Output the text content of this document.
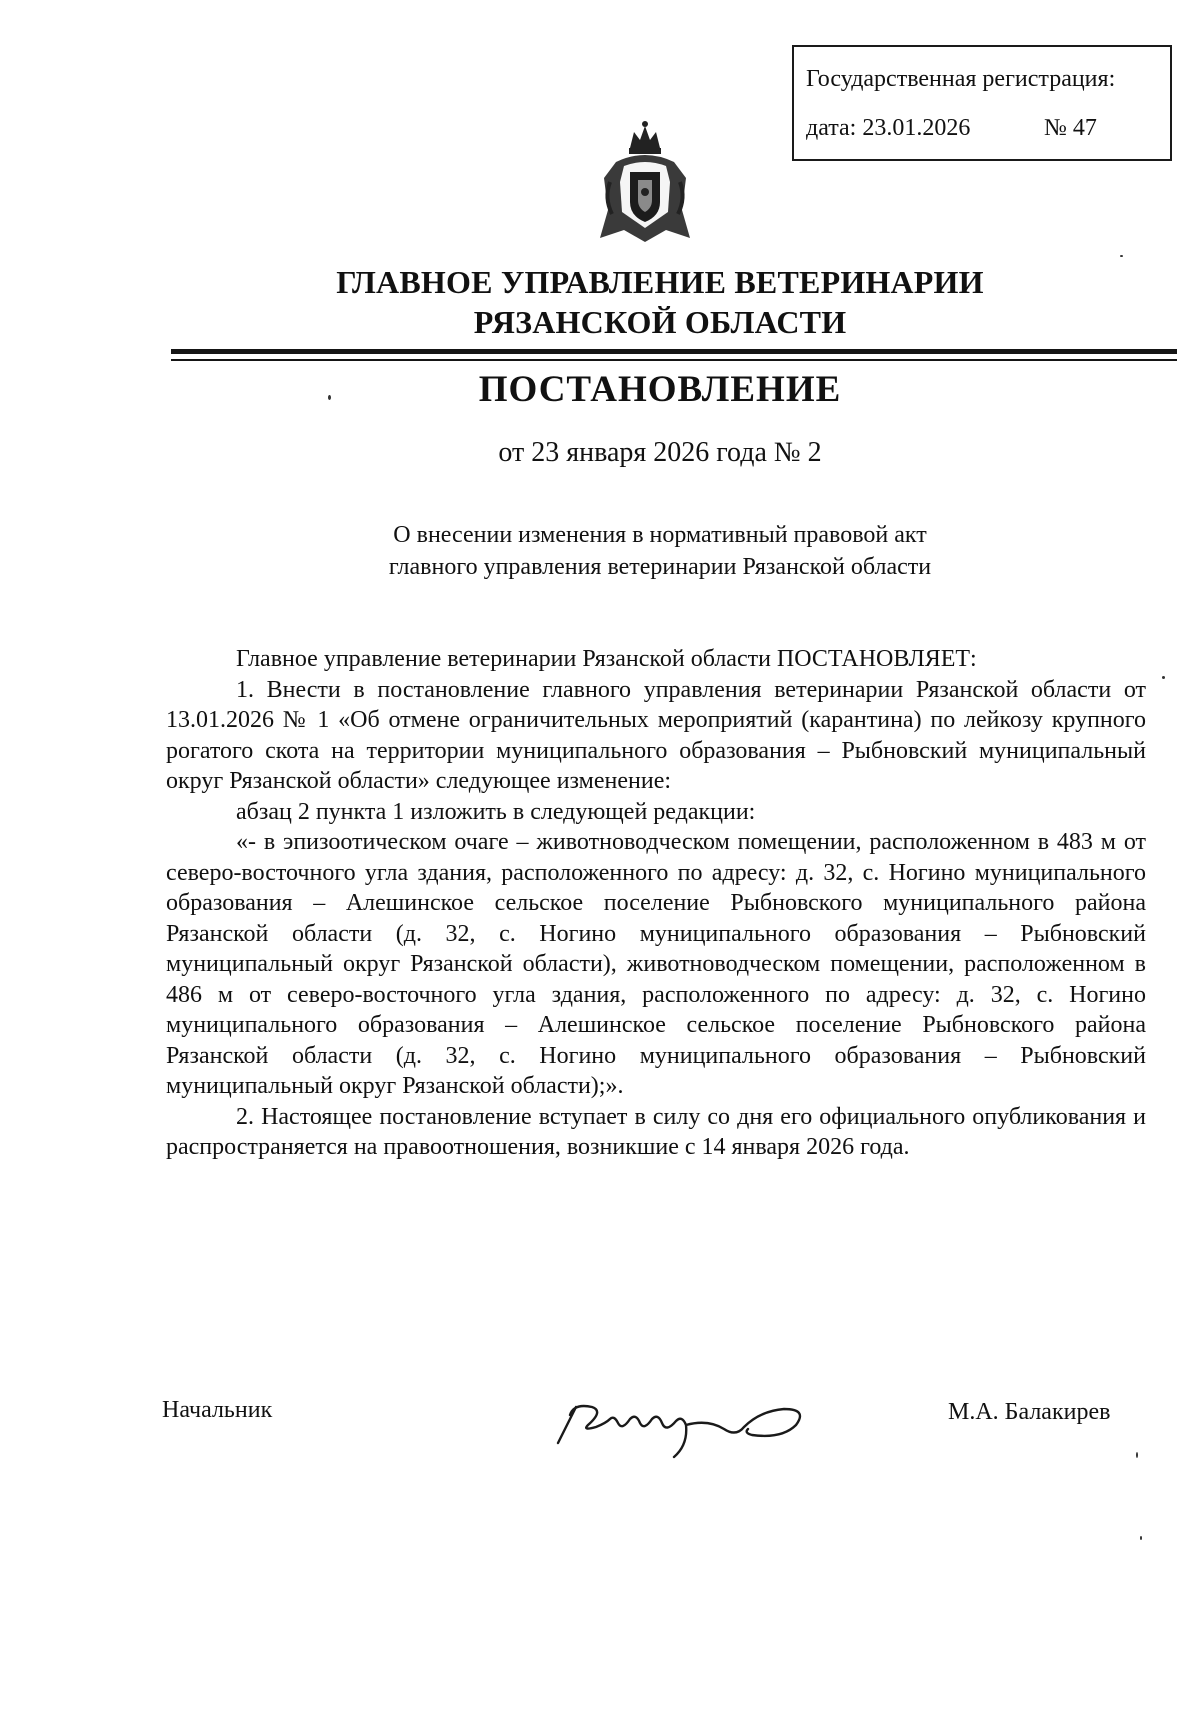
Государственная регистрация:
дата: 23.01.2026	№ 47
ГЛАВНОЕ УПРАВЛЕНИЕ ВЕТЕРИНАРИИ
РЯЗАНСКОЙ ОБЛАСТИ
ПОСТАНОВЛЕНИЕ
от 23 января 2026 года № 2
О внесении изменения в нормативный правовой акт
главного управления ветеринарии Рязанской области

Главное управление ветеринарии Рязанской области ПОСТАНОВЛЯЕТ:

1. Внести в постановление главного управления ветеринарии Рязанской области от 13.01.2026 № 1 «Об отмене ограничительных мероприятий (карантина) по лейкозу крупного рогатого скота на территории муниципального образования – Рыбновский муниципальный округ Рязанской области» следующее изменение:

абзац 2 пункта 1 изложить в следующей редакции:

«- в эпизоотическом очаге – животноводческом помещении, расположенном в 483 м от северо-восточного угла здания, расположенного по адресу: д. 32, с. Ногино муниципального образования – Алешинское сельское поселение Рыбновского муниципального района Рязанской области (д. 32, с. Ногино муниципального образования – Рыбновский муниципальный округ Рязанской области), животноводческом помещении, расположенном в 486 м от северо-восточного угла здания, расположенного по адресу: д. 32, с. Ногино муниципального образования – Алешинское сельское поселение Рыбновского района Рязанской области (д. 32, с. Ногино муниципального образования – Рыбновский муниципальный округ Рязанской области);».

2. Настоящее постановление вступает в силу со дня его официального опубликования и распространяется на правоотношения, возникшие с 14 января 2026 года.

Начальник	М.А. Балакирев
